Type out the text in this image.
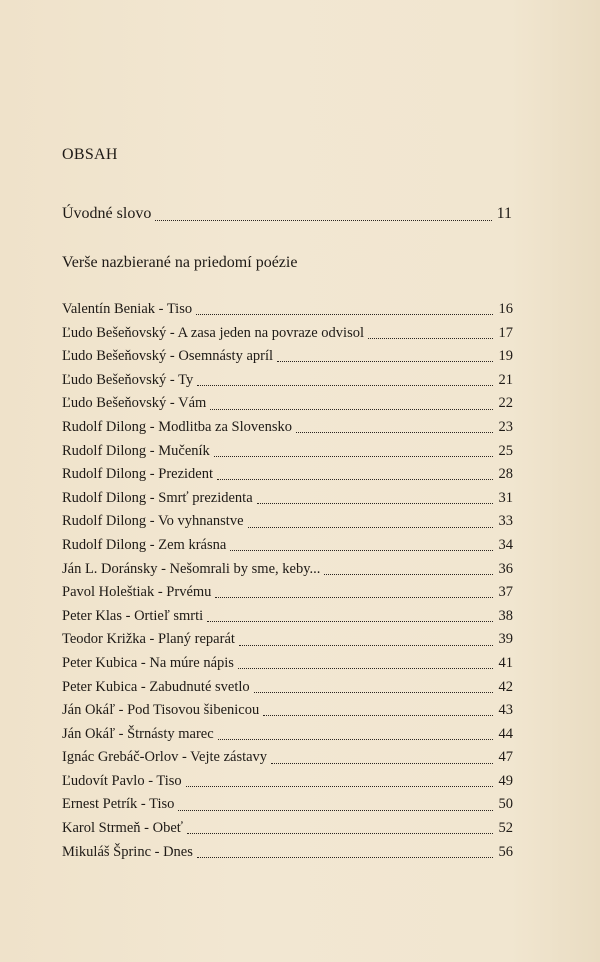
OBSAH
Úvodné slovo	11
Verše nazbierané na priedomí poézie
Valentín Beniak - Tiso	16
Ľudo Bešeňovský - A zasa jeden na povraze odvisol	17
Ľudo Bešeňovský - Osemnásty apríl	19
Ľudo Bešeňovský - Ty	21
Ľudo Bešeňovský - Vám	22
Rudolf Dilong - Modlitba za Slovensko	23
Rudolf Dilong - Mučeník	25
Rudolf Dilong - Prezident	28
Rudolf Dilong - Smrť prezidenta	31
Rudolf Dilong - Vo vyhnanstve	33
Rudolf Dilong - Zem krásna	34
Ján L. Doránsky - Nešomrali by sme, keby...	36
Pavol Holeštiak - Prvému	37
Peter Klas - Ortieľ smrti	38
Teodor Križka - Planý reparát	39
Peter Kubica - Na múre nápis	41
Peter Kubica - Zabudnuté svetlo	42
Ján Okáľ - Pod Tisovou šibenicou	43
Ján Okáľ - Štrnásty marec	44
Ignác Grebáč-Orlov - Vejte zástavy	47
Ľudovít Pavlo - Tiso	49
Ernest Petrík - Tiso	50
Karol Strmeň - Obeť	52
Mikuláš Šprinc - Dnes	56
